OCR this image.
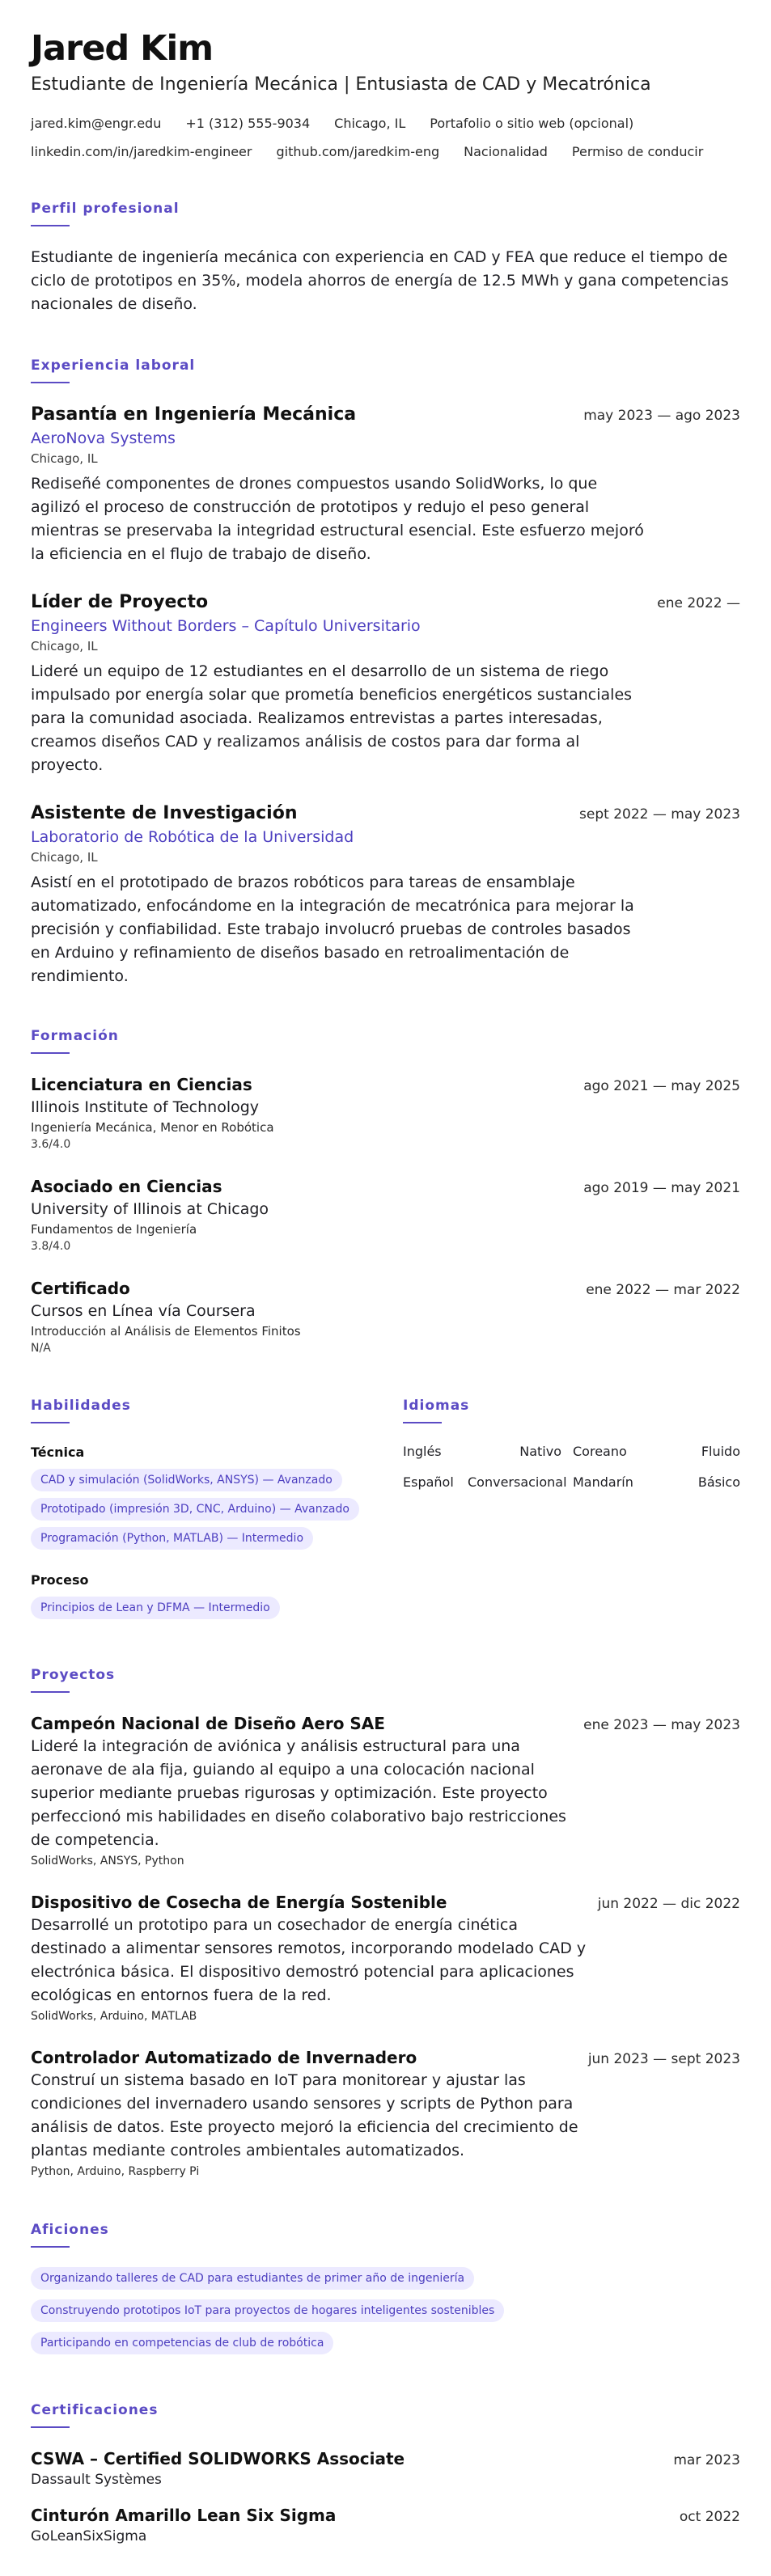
Jared Kim
Estudiante de Ingeniería Mecánica | Entusiasta de CAD y Mecatrónica
jared.kim@engr.edu +1 (312) 555-9034 Chicago, IL Portafolio o sitio web (opcional)
linkedin.com/in/jaredkim-engineer github.com/jaredkim-eng Nacionalidad Permiso de conducir
Perfil profesional

Estudiante de ingeniería mecánica con experiencia en CAD y FEA que reduce el tiempo de ciclo de prototipos en 35%, modela ahorros de energía de 12.5 MWh y gana competencias nacionales de diseño.

Experiencia laboral
Pasantía en Ingeniería Mecánica	may 2023 — ago 2023
AeroNova Systems
Chicago, IL
Rediseñé componentes de drones compuestos usando SolidWorks, lo que agilizó el proceso de construcción de prototipos y redujo el peso general mientras se preservaba la integridad estructural esencial. Este esfuerzo mejoró la eficiencia en el flujo de trabajo de diseño.
Líder de Proyecto	ene 2022 —
Engineers Without Borders – Capítulo Universitario
Chicago, IL
Lideré un equipo de 12 estudiantes en el desarrollo de un sistema de riego impulsado por energía solar que prometía beneficios energéticos sustanciales para la comunidad asociada. Realizamos entrevistas a partes interesadas, creamos diseños CAD y realizamos análisis de costos para dar forma al proyecto.
Asistente de Investigación	sept 2022 — may 2023
Laboratorio de Robótica de la Universidad
Chicago, IL
Asistí en el prototipado de brazos robóticos para tareas de ensamblaje automatizado, enfocándome en la integración de mecatrónica para mejorar la precisión y confiabilidad. Este trabajo involucró pruebas de controles basados en Arduino y refinamiento de diseños basado en retroalimentación de rendimiento.
Formación
Licenciatura en Ciencias	ago 2021 — may 2025
Illinois Institute of Technology
Ingeniería Mecánica, Menor en Robótica
3.6/4.0
Asociado en Ciencias	ago 2019 — may 2021
University of Illinois at Chicago
Fundamentos de Ingeniería
3.8/4.0
Certificado	ene 2022 — mar 2022
Cursos en Línea vía Coursera
Introducción al Análisis de Elementos Finitos
N/A
Habilidades
Técnica
CAD y simulación (SolidWorks, ANSYS) — Avanzado
Prototipado (impresión 3D, CNC, Arduino) — Avanzado
Programación (Python, MATLAB) — Intermedio
Proceso
Principios de Lean y DFMA — Intermedio
Idiomas
Inglés	Nativo Coreano	Fluido
Español	Conversacional Mandarín	Básico
Proyectos
Campeón Nacional de Diseño Aero SAE	ene 2023 — may 2023
Lideré la integración de aviónica y análisis estructural para una aeronave de ala fija, guiando al equipo a una colocación nacional superior mediante pruebas rigurosas y optimización. Este proyecto perfeccionó mis habilidades en diseño colaborativo bajo restricciones de competencia.
SolidWorks, ANSYS, Python
Dispositivo de Cosecha de Energía Sostenible	jun 2022 — dic 2022
Desarrollé un prototipo para un cosechador de energía cinética destinado a alimentar sensores remotos, incorporando modelado CAD y electrónica básica. El dispositivo demostró potencial para aplicaciones ecológicas en entornos fuera de la red.
SolidWorks, Arduino, MATLAB
Controlador Automatizado de Invernadero	jun 2023 — sept 2023
Construí un sistema basado en IoT para monitorear y ajustar las condiciones del invernadero usando sensores y scripts de Python para análisis de datos. Este proyecto mejoró la eficiencia del crecimiento de plantas mediante controles ambientales automatizados.
Python, Arduino, Raspberry Pi
Aficiones
Organizando talleres de CAD para estudiantes de primer año de ingeniería
Construyendo prototipos IoT para proyectos de hogares inteligentes sostenibles
Participando en competencias de club de robótica
Certificaciones
CSWA – Certified SOLIDWORKS Associate	mar 2023
Dassault Systèmes
Cinturón Amarillo Lean Six Sigma	oct 2022
GoLeanSixSigma
